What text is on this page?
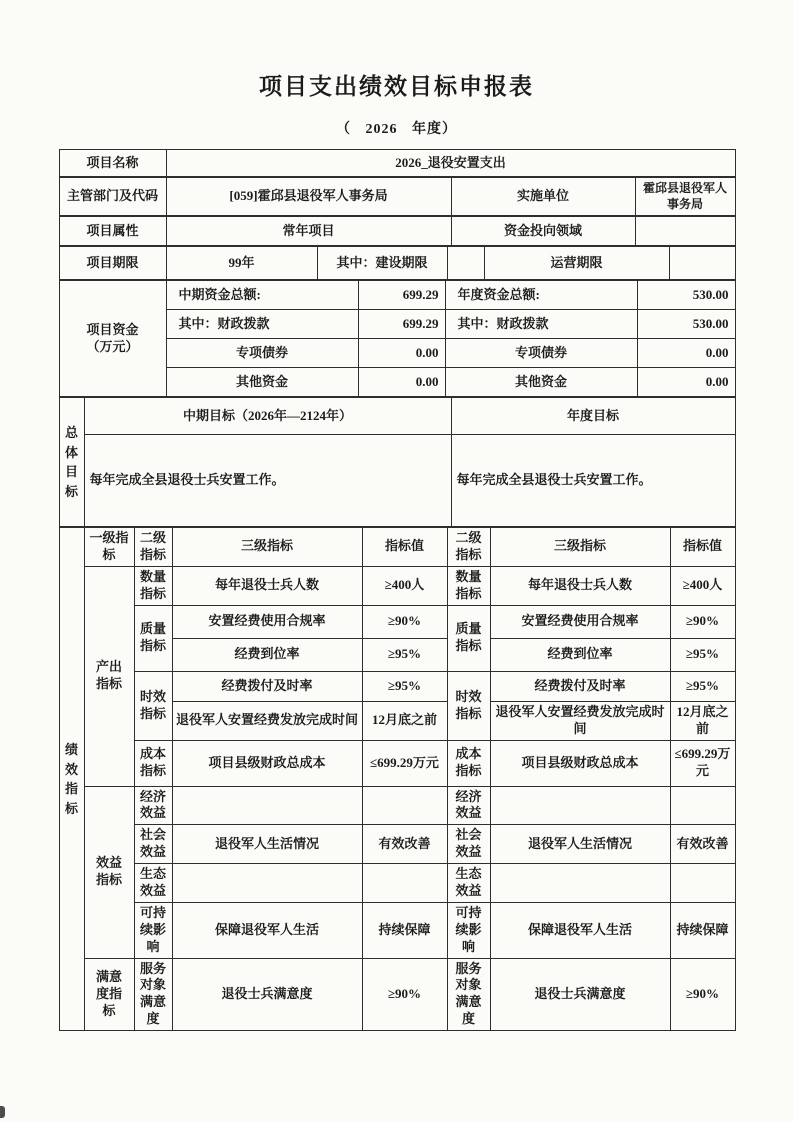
项目支出绩效目标申报表
（ 2026 年度）
项目名称	2026_退役安置支出
主管部门及代码	[059]霍邱县退役军人事务局	实施单位	霍邱县退役军人事务局
项目属性	常年项目	资金投向领域	
项目期限	99年	其中：建设期限		运营期限	
项目资金
（万元）	中期资金总额:	699.29	年度资金总额:	530.00
	其中：财政拨款	699.29	其中：财政拨款	530.00
	专项债券	0.00	专项债券	0.00
	其他资金	0.00	其他资金	0.00
总体目标	中期目标（2026年—2124年）	年度目标
	每年完成全县退役士兵安置工作。	每年完成全县退役士兵安置工作。
绩效指标	一级指标	二级指标	三级指标	指标值	二级指标	三级指标	指标值
	产出指标	数量指标	每年退役士兵人数	≥400人	数量指标	每年退役士兵人数	≥400人
		质量指标	安置经费使用合规率	≥90%	质量指标	安置经费使用合规率	≥90%
			经费到位率	≥95%		经费到位率	≥95%
		时效指标	经费拨付及时率	≥95%	时效指标	经费拨付及时率	≥95%
			退役军人安置经费发放完成时间	12月底之前		退役军人安置经费发放完成时间	12月底之前
		成本指标	项目县级财政总成本	≤699.29万元	成本指标	项目县级财政总成本	≤699.29万元
	效益指标	经济效益			经济效益		
		社会效益	退役军人生活情况	有效改善	社会效益	退役军人生活情况	有效改善
		生态效益			生态效益		
		可持续影响	保障退役军人生活	持续保障	可持续影响	保障退役军人生活	持续保障
	满意度指标	服务对象满意度	退役士兵满意度	≥90%	服务对象满意度	退役士兵满意度	≥90%
